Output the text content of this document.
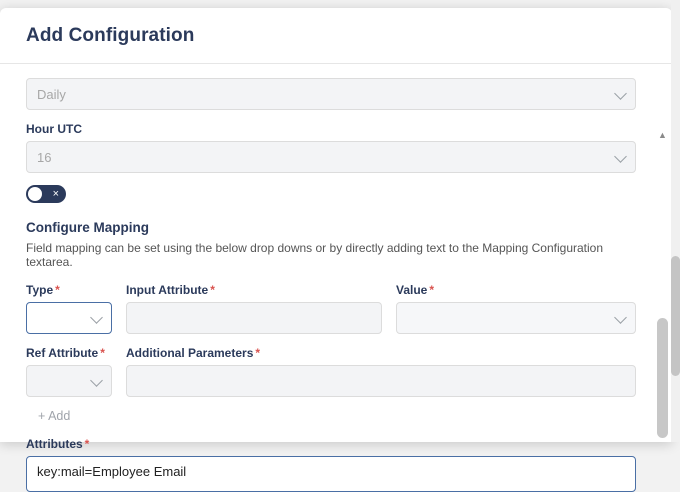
Add Configuration
Daily
Hour UTC
16
×
Configure Mapping
Field mapping can be set using the below drop downs or by directly adding text to the Mapping Configuration textarea.
Type *	Input Attribute *	Value *
Ref Attribute *	Additional Parameters *
+ Add
Attributes *
key:mail=Employee Email
▲
